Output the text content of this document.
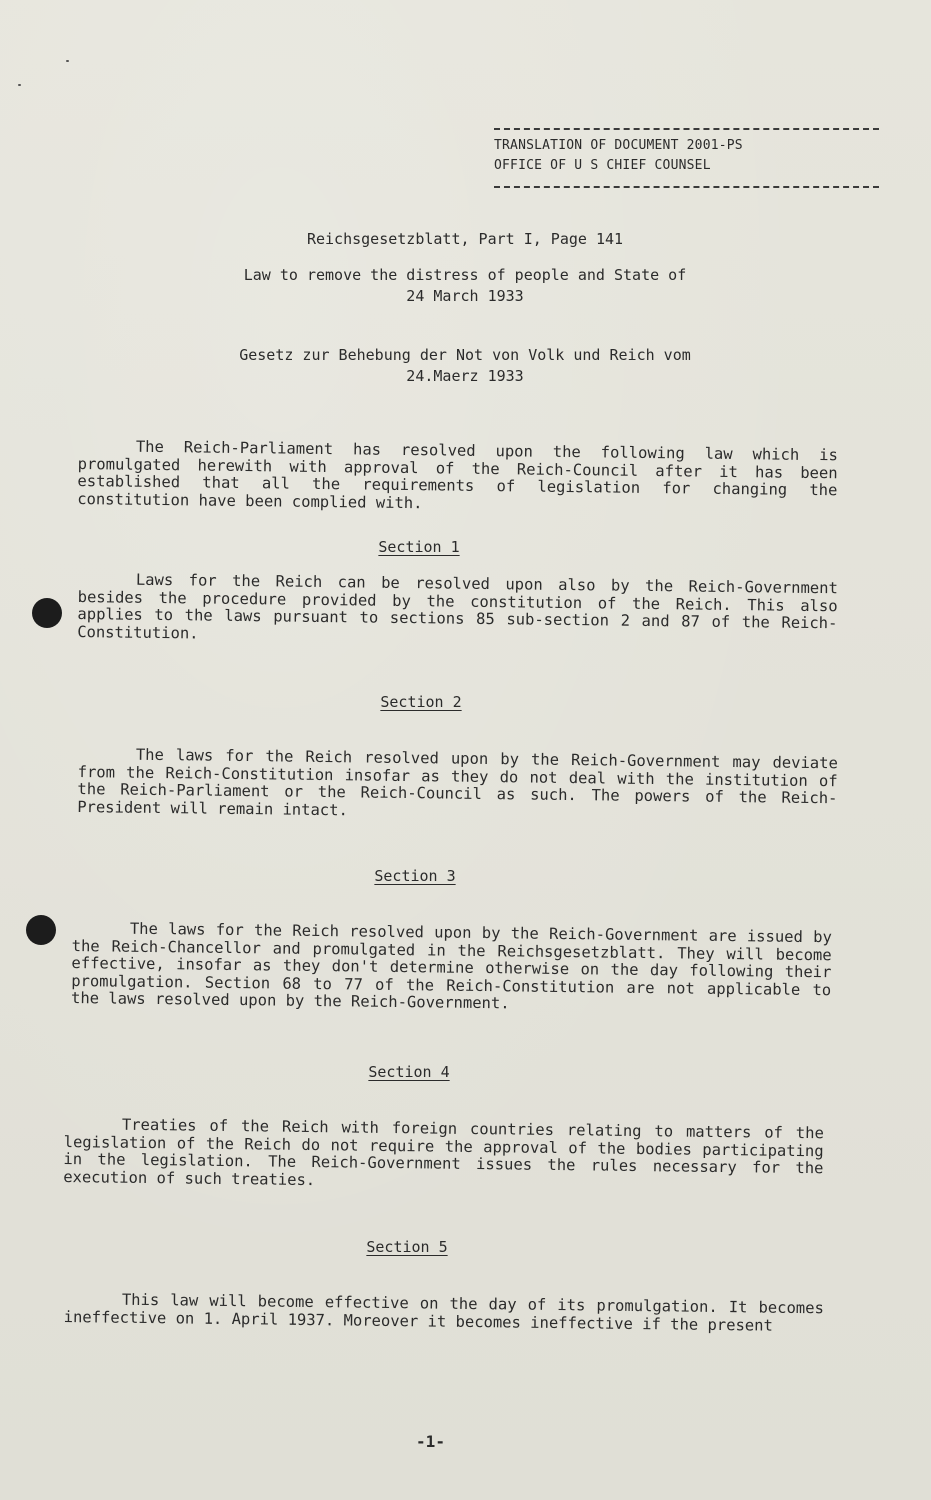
TRANSLATION OF DOCUMENT 2001-PS
OFFICE OF U S CHIEF COUNSEL
Reichsgesetzblatt, Part I, Page 141
Law to remove the distress of people and State of
24 March 1933
Gesetz zur Behebung der Not von Volk und Reich vom
24.Maerz 1933
The Reich-Parliament has resolved upon the following law which is promulgated herewith with approval of the Reich-Council after it has been established that all the requirements of legislation for changing the constitution have been complied with.
Section 1
Laws for the Reich can be resolved upon also by the Reich-Government besides the procedure provided by the constitution of the Reich. This also applies to the laws pursuant to sections 85 sub-section 2 and 87 of the Reich-Constitution.
Section 2
The laws for the Reich resolved upon by the Reich-Government may deviate from the Reich-Constitution insofar as they do not deal with the institution of the Reich-Parliament or the Reich-Council as such. The powers of the Reich-President will remain intact.
Section 3
The laws for the Reich resolved upon by the Reich-Government are issued by the Reich-Chancellor and promulgated in the Reichsgesetzblatt. They will become effective, insofar as they don't determine otherwise on the day following their promulgation. Section 68 to 77 of the Reich-Constitution are not applicable to the laws resolved upon by the Reich-Government.
Section 4
Treaties of the Reich with foreign countries relating to matters of the legislation of the Reich do not require the approval of the bodies participating in the legislation. The Reich-Government issues the rules necessary for the execution of such treaties.
Section 5
This law will become effective on the day of its promulgation. It becomes ineffective on 1. April 1937. Moreover it becomes ineffective if the present
-1-
